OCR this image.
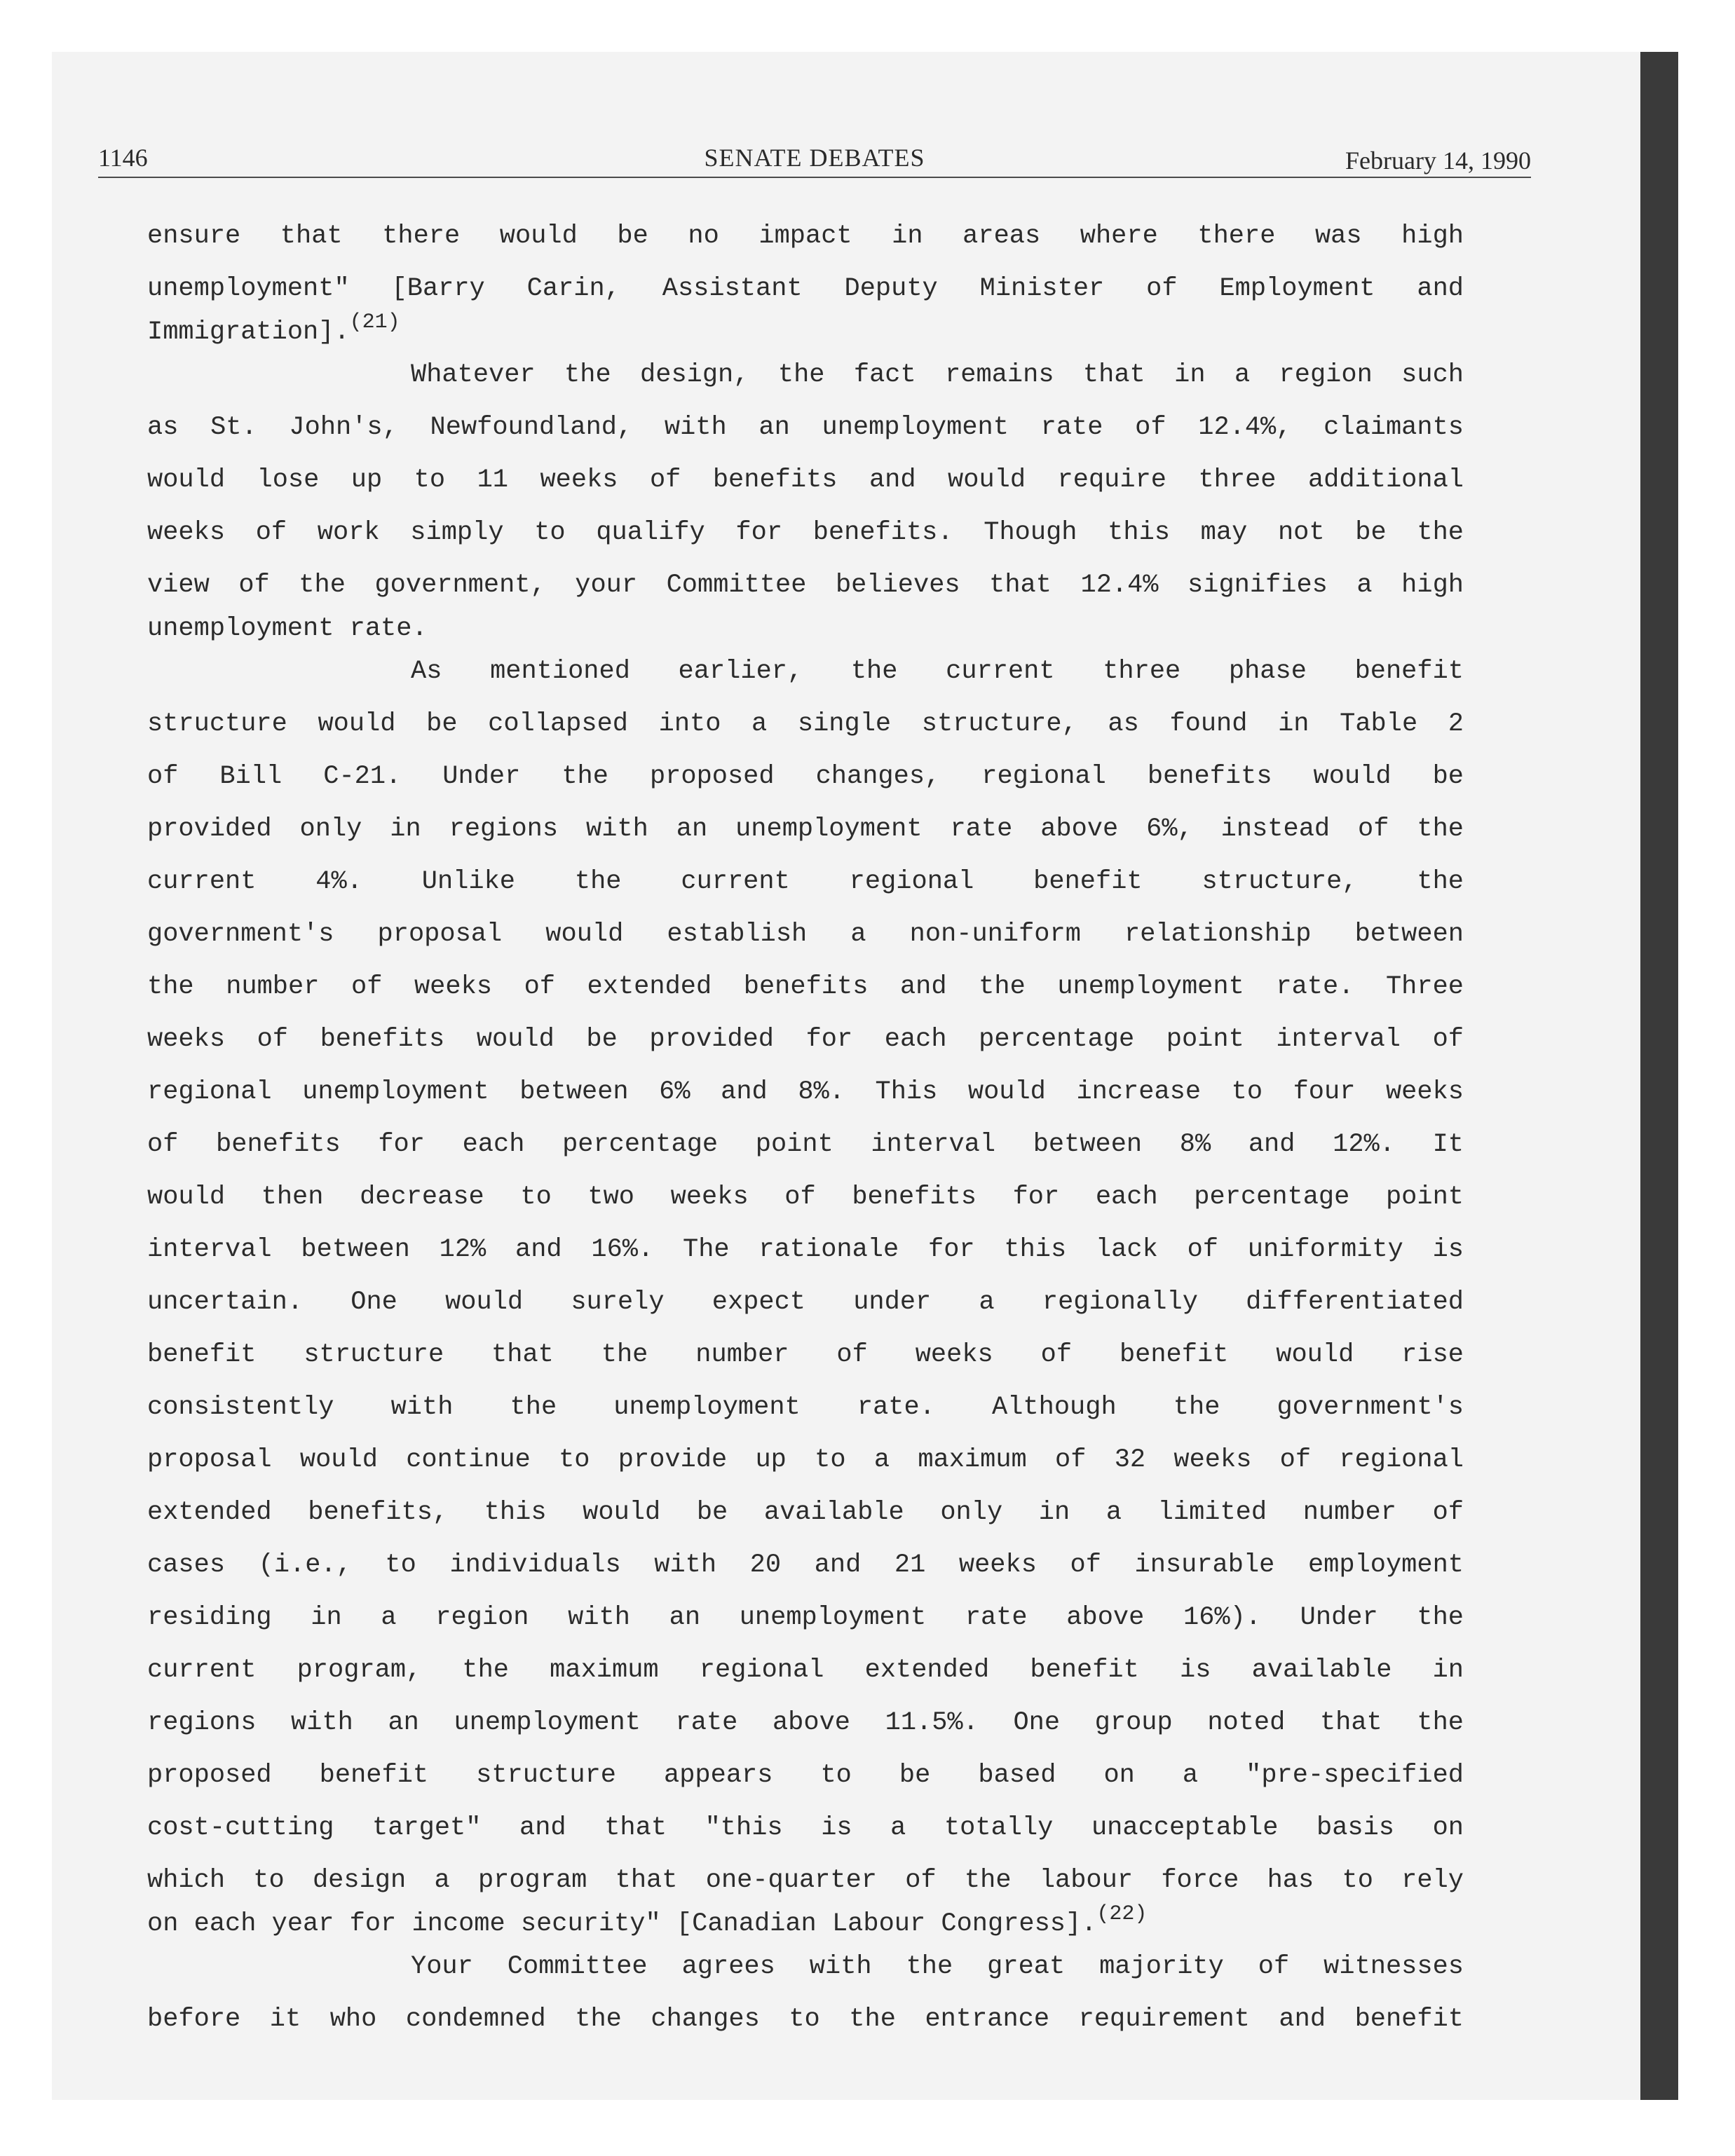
1146	SENATE DEBATES	February 14, 1990
ensure that there would be no impact in areas where there was high
unemployment" [Barry Carin, Assistant Deputy Minister of Employment and
Immigration].$^{(21)}$
Whatever the design, the fact remains that in a region such
as St. John's, Newfoundland, with an unemployment rate of 12.4%, claimants
would lose up to 11 weeks of benefits and would require three additional
weeks of work simply to qualify for benefits. Though this may not be the
view of the government, your Committee believes that 12.4% signifies a high
unemployment rate.
As mentioned earlier, the current three phase benefit
structure would be collapsed into a single structure, as found in Table 2
of Bill C-21. Under the proposed changes, regional benefits would be
provided only in regions with an unemployment rate above 6%, instead of the
current 4%. Unlike the current regional benefit structure, the
government's proposal would establish a non-uniform relationship between
the number of weeks of extended benefits and the unemployment rate. Three
weeks of benefits would be provided for each percentage point interval of
regional unemployment between 6% and 8%. This would increase to four weeks
of benefits for each percentage point interval between 8% and 12%. It
would then decrease to two weeks of benefits for each percentage point
interval between 12% and 16%. The rationale for this lack of uniformity is
uncertain. One would surely expect under a regionally differentiated
benefit structure that the number of weeks of benefit would rise
consistently with the unemployment rate. Although the government's
proposal would continue to provide up to a maximum of 32 weeks of regional
extended benefits, this would be available only in a limited number of
cases (i.e., to individuals with 20 and 21 weeks of insurable employment
residing in a region with an unemployment rate above 16%). Under the
current program, the maximum regional extended benefit is available in
regions with an unemployment rate above 11.5%. One group noted that the
proposed benefit structure appears to be based on a "pre-specified
cost-cutting target" and that "this is a totally unacceptable basis on
which to design a program that one-quarter of the labour force has to rely
on each year for income security" [Canadian Labour Congress].$^{(22)}$
Your Committee agrees with the great majority of witnesses
before it who condemned the changes to the entrance requirement and benefit
